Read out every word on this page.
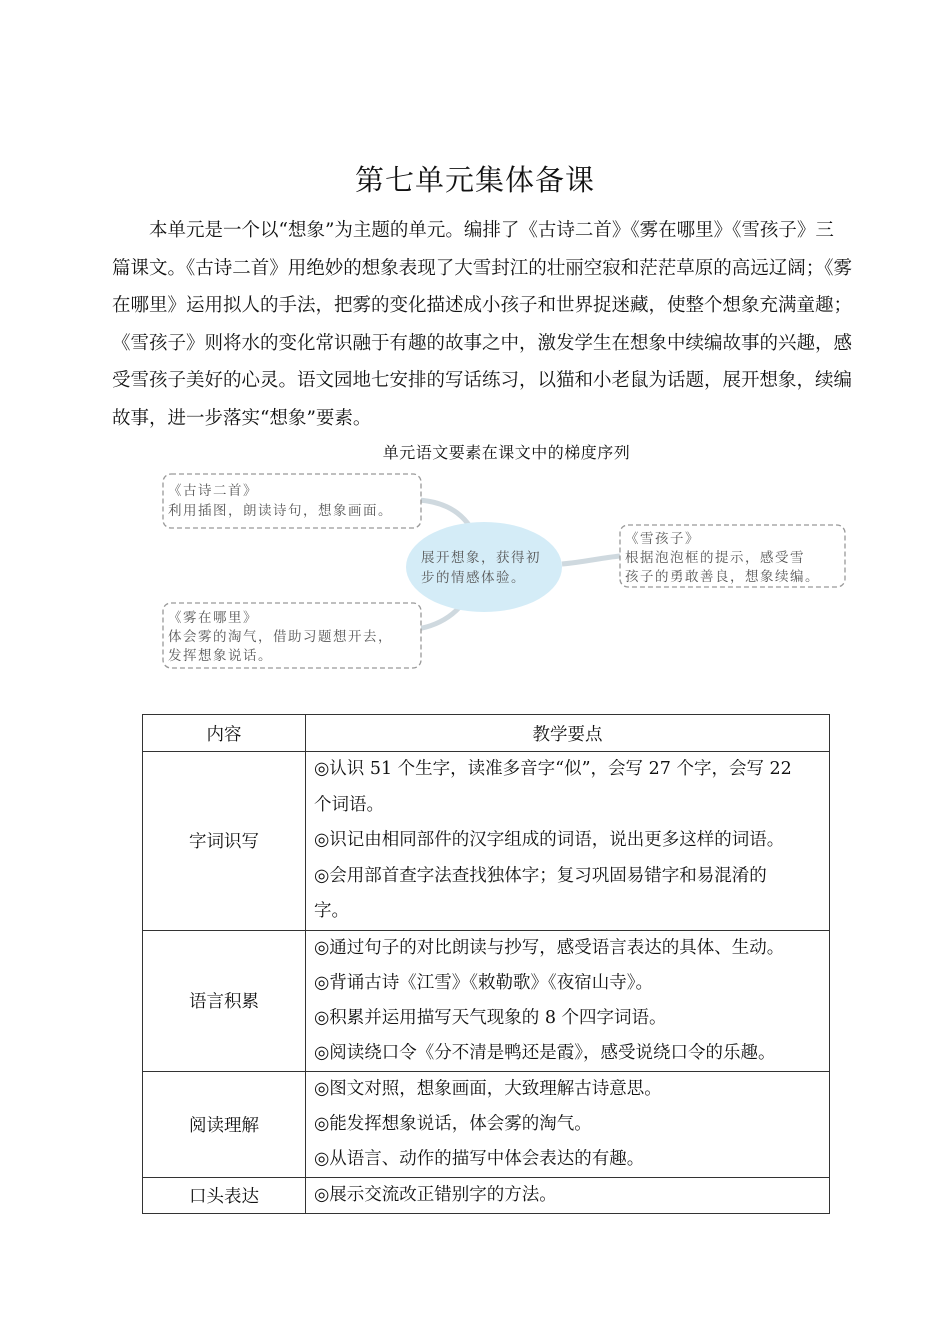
第七单元集体备课
本单元是一个以“想象”为主题的单元。编排了《古诗二首》《雾在哪里》《雪孩子》三
篇课文。《古诗二首》用绝妙的想象表现了大雪封江的壮丽空寂和茫茫草原的高远辽阔；《雾
在哪里》运用拟人的手法，把雾的变化描述成小孩子和世界捉迷藏，使整个想象充满童趣；
《雪孩子》则将水的变化常识融于有趣的故事之中，激发学生在想象中续编故事的兴趣，感
受雪孩子美好的心灵。语文园地七安排的写话练习，以猫和小老鼠为话题，展开想象，续编
故事，进一步落实“想象”要素。
单元语文要素在课文中的梯度序列
展开想象，获得初
步的情感体验。
《古诗二首》
利用插图，朗读诗句，想象画面。
《雾在哪里》
体会雾的淘气，借助习题想开去，
发挥想象说话。
《雪孩子》
根据泡泡框的提示，感受雪
孩子的勇敢善良，想象续编。
内容	教学要点
字词识写	◎认识 51 个生字，读准多音字“似”，会写 27 个字，会写 22
个词语。
◎识记由相同部件的汉字组成的词语，说出更多这样的词语。
◎会用部首查字法查找独体字；复习巩固易错字和易混淆的
字。

语言积累	◎通过句子的对比朗读与抄写，感受语言表达的具体、生动。
◎背诵古诗《江雪》《敕勒歌》《夜宿山寺》。
◎积累并运用描写天气现象的 8 个四字词语。
◎阅读绕口令《分不清是鸭还是霞》，感受说绕口令的乐趣。

阅读理解	◎图文对照，想象画面，大致理解古诗意思。
◎能发挥想象说话，体会雾的淘气。
◎从语言、动作的描写中体会表达的有趣。

口头表达	◎展示交流改正错别字的方法。
